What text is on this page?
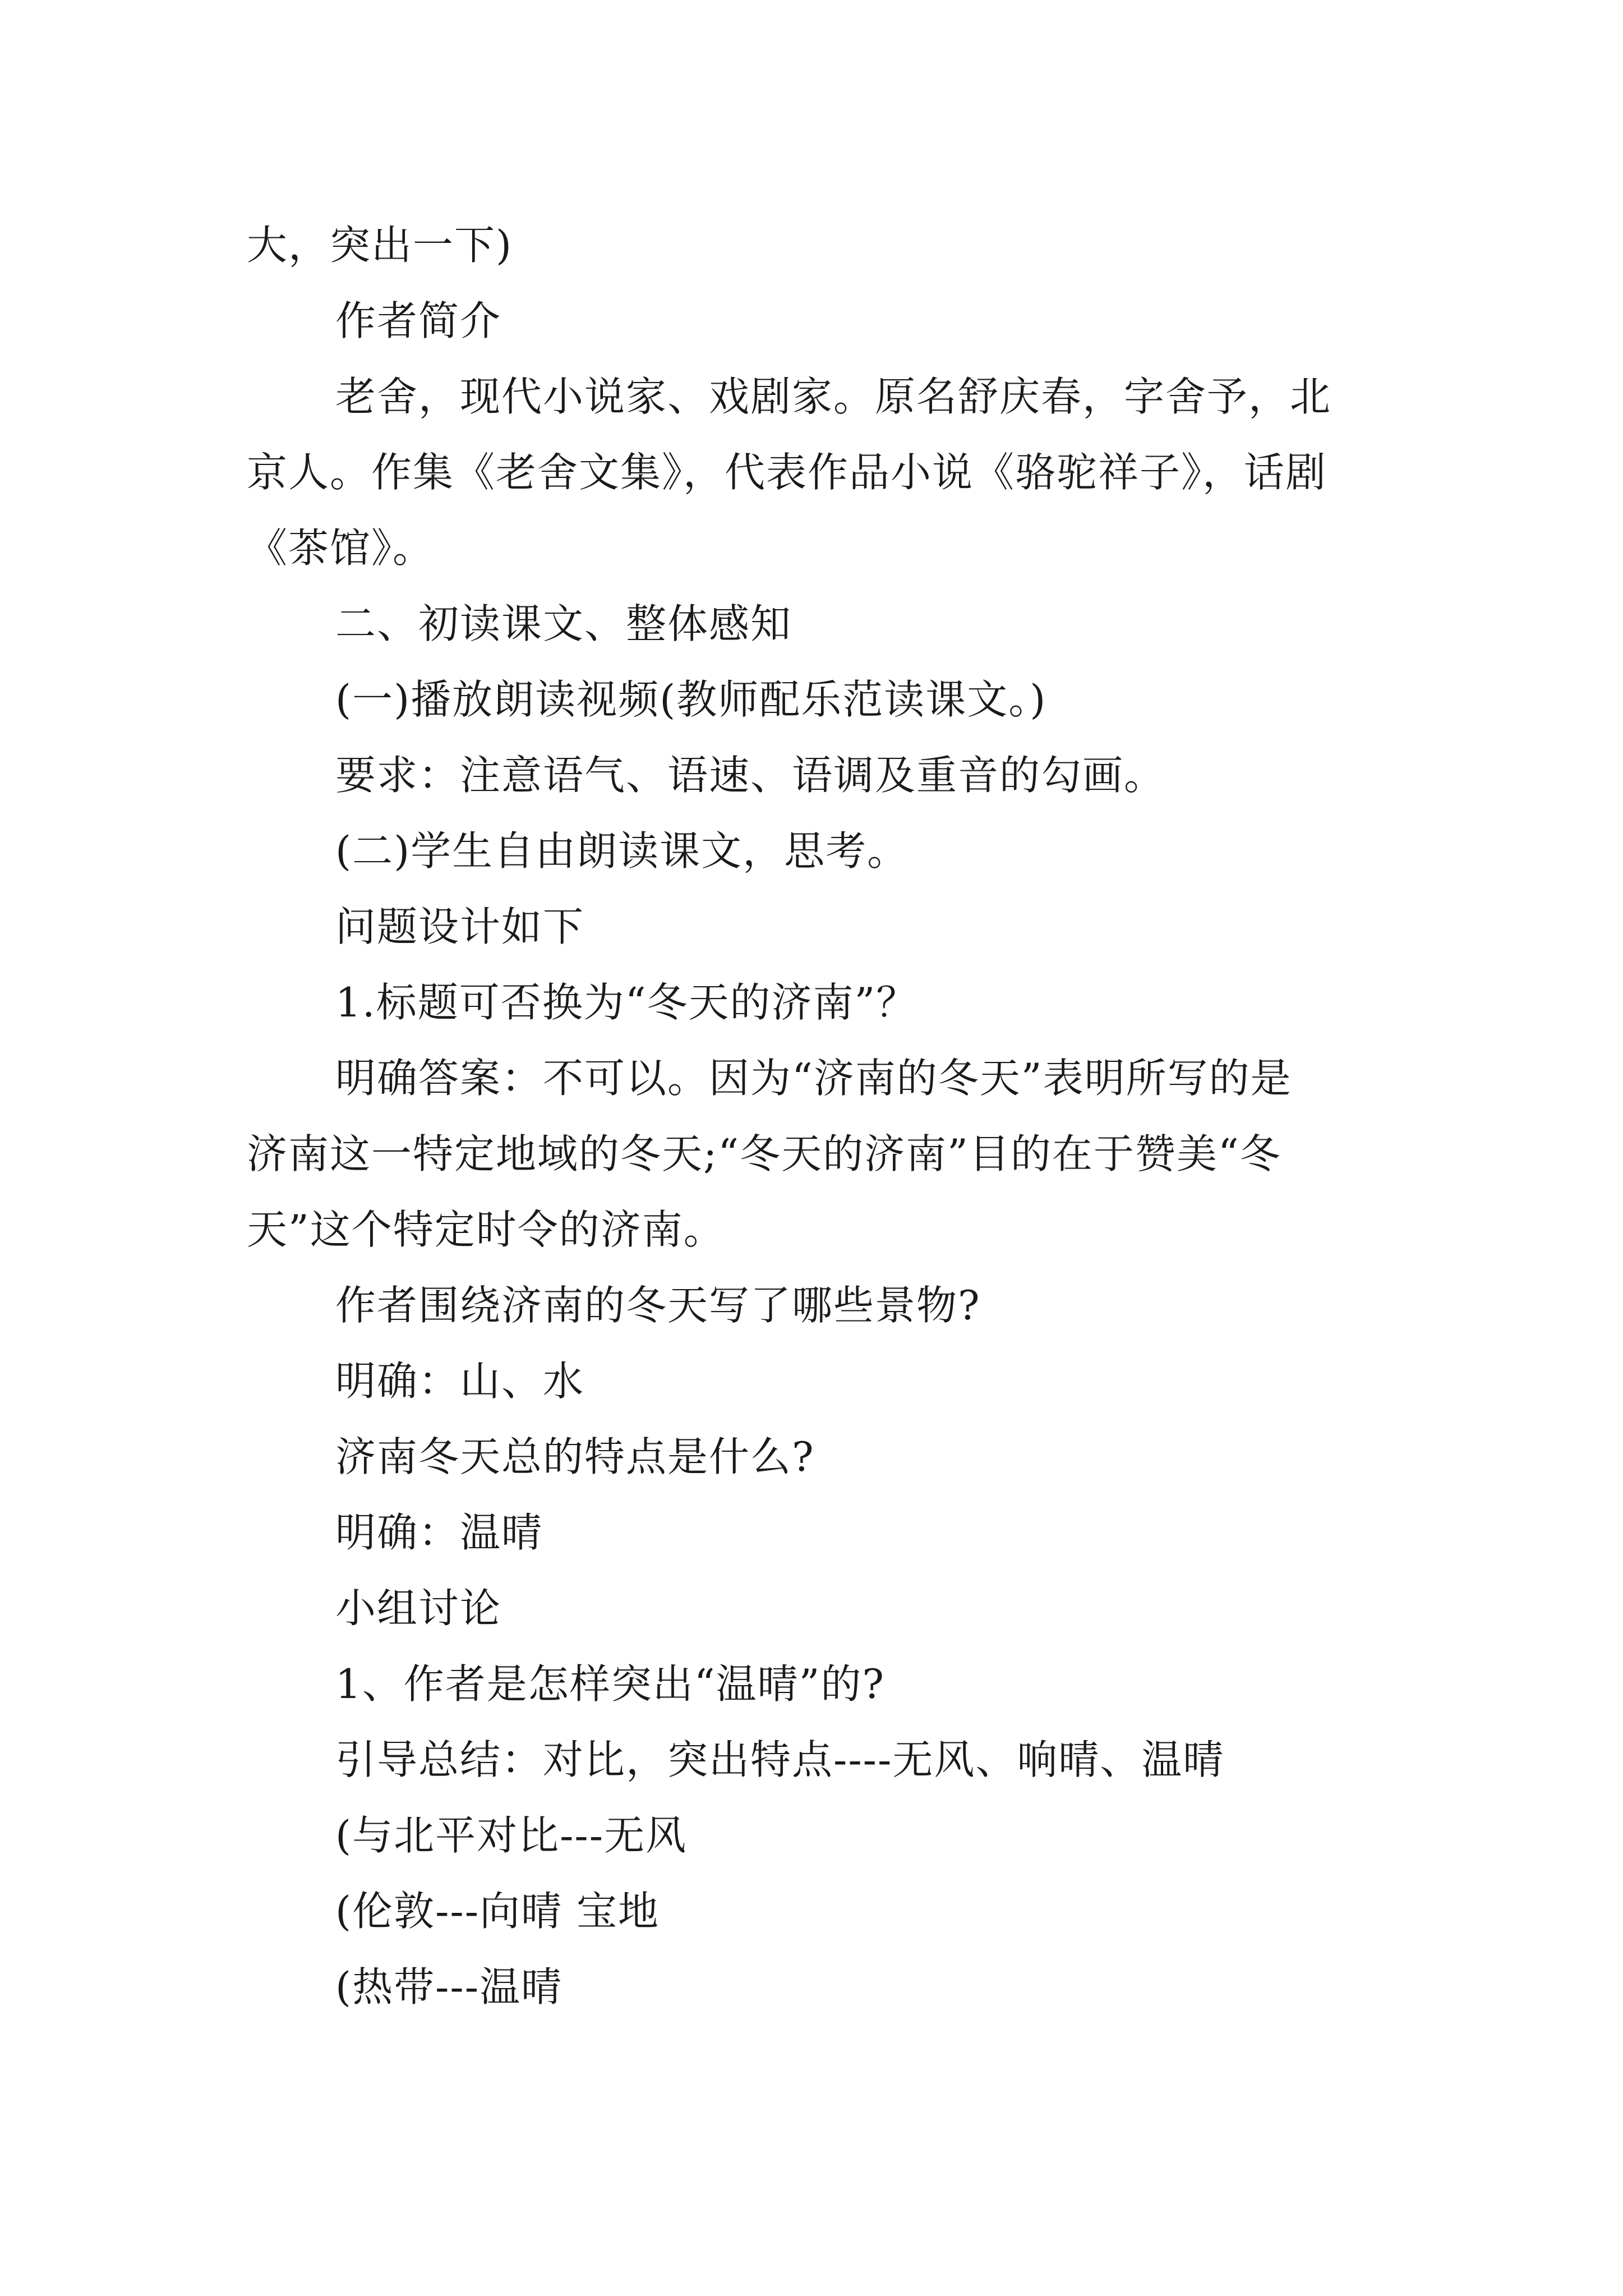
大，突出一下)
作者简介
老舍，现代小说家、戏剧家。原名舒庆春，字舍予，北
京人。作集《老舍文集》，代表作品小说《骆驼祥子》，话剧
《茶馆》。
二、初读课文、整体感知
(一)播放朗读视频(教师配乐范读课文。)
要求：注意语气、语速、语调及重音的勾画。
(二)学生自由朗读课文，思考。
问题设计如下
1.标题可否换为“冬天的济南”？
明确答案：不可以。因为“济南的冬天”表明所写的是
济南这一特定地域的冬天;“冬天的济南”目的在于赞美“冬
天”这个特定时令的济南。
作者围绕济南的冬天写了哪些景物?
明确：山、水
济南冬天总的特点是什么?
明确：温晴
小组讨论
1、作者是怎样突出“温晴”的?
引导总结：对比，突出特点----无风、响晴、温晴
(与北平对比---无风
(伦敦---向晴 宝地
(热带---温晴
